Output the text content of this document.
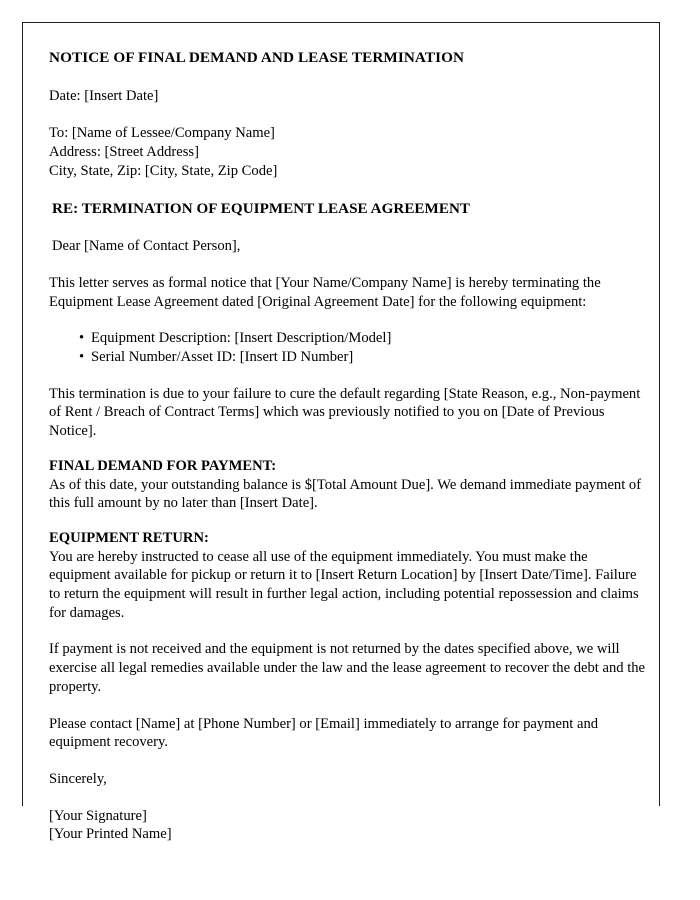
NOTICE OF FINAL DEMAND AND LEASE TERMINATION

Date: [Insert Date]

To: [Name of Lessee/Company Name]

Address: [Street Address]

City, State, Zip: [City, State, Zip Code]

RE: TERMINATION OF EQUIPMENT LEASE AGREEMENT

Dear [Name of Contact Person],

This letter serves as formal notice that [Your Name/Company Name] is hereby terminating the Equipment Lease Agreement dated [Original Agreement Date] for the following equipment:

• Equipment Description: [Insert Description/Model]
• Serial Number/Asset ID: [Insert ID Number]

This termination is due to your failure to cure the default regarding [State Reason, e.g., Non-payment of Rent / Breach of Contract Terms] which was previously notified to you on [Date of Previous Notice].

FINAL DEMAND FOR PAYMENT:

As of this date, your outstanding balance is $[Total Amount Due]. We demand immediate payment of this full amount by no later than [Insert Date].

EQUIPMENT RETURN:

You are hereby instructed to cease all use of the equipment immediately. You must make the equipment available for pickup or return it to [Insert Return Location] by [Insert Date/Time]. Failure to return the equipment will result in further legal action, including potential repossession and claims for damages.

If payment is not received and the equipment is not returned by the dates specified above, we will exercise all legal remedies available under the law and the lease agreement to recover the debt and the property.

Please contact [Name] at [Phone Number] or [Email] immediately to arrange for payment and equipment recovery.

Sincerely,

[Your Signature]

[Your Printed Name]
